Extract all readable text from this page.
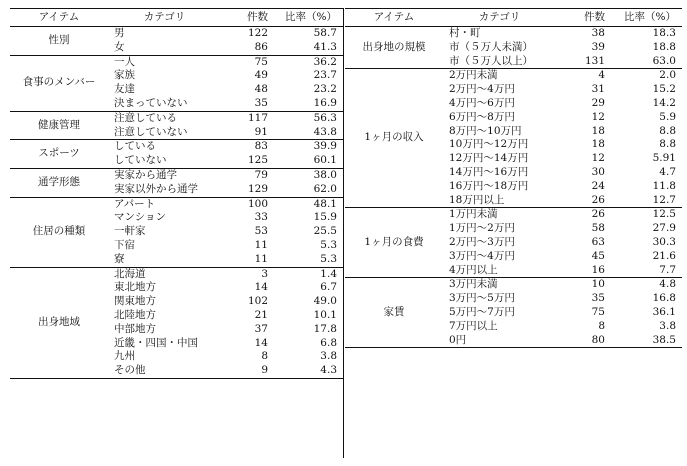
アイテム	カテゴリ	件数	比率（%）
性別	男	122	58.7
	女	86	41.3
食事のメンバー	一人	75	36.2
	家族	49	23.7
	友達	48	23.2
	決まっていない	35	16.9
健康管理	注意している	117	56.3
	注意していない	91	43.8
スポーツ	している	83	39.9
	していない	125	60.1
通学形態	実家から通学	79	38.0
	実家以外から通学	129	62.0
住居の種類	アパート	100	48.1
	マンション	33	15.9
	一軒家	53	25.5
	下宿	11	5.3
	寮	11	5.3
出身地域	北海道	3	1.4
	東北地方	14	6.7
	関東地方	102	49.0
	北陸地方	21	10.1
	中部地方	37	17.8
	近畿・四国・中国	14	6.8
	九州	8	3.8
	その他	9	4.3
アイテム	カテゴリ	件数	比率（%）
出身地の規模	村・町	38	18.3
	市（５万人未満）	39	18.8
	市（５万人以上）	131	63.0
1ヶ月の収入	2万円未満	4	2.0
	2万円～4万円	31	15.2
	4万円～6万円	29	14.2
	6万円～8万円	12	5.9
	8万円～10万円	18	8.8
	10万円～12万円	18	8.8
	12万円～14万円	12	5.91
	14万円～16万円	30	4.7
	16万円～18万円	24	11.8
	18万円以上	26	12.7
1ヶ月の食費	1万円未満	26	12.5
	1万円～2万円	58	27.9
	2万円～3万円	63	30.3
	3万円～4万円	45	21.6
	4万円以上	16	7.7
家賃	3万円未満	10	4.8
	3万円～5万円	35	16.8
	5万円～7万円	75	36.1
	7万円以上	8	3.8
	0円	80	38.5
